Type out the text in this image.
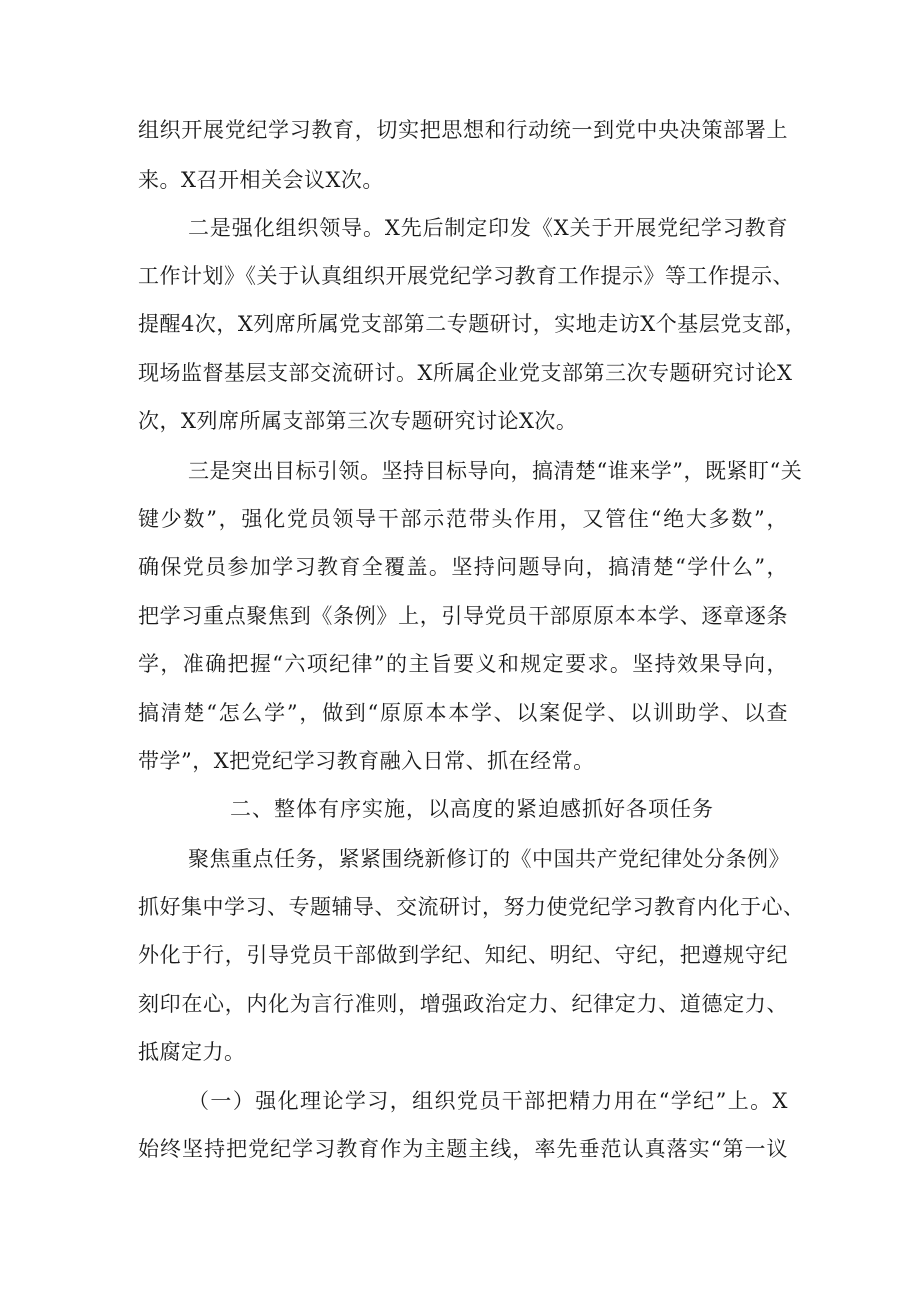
组织开展党纪学习教育，切实把思想和行动统一到党中央决策部署上
来。X召开相关会议X次。
二是强化组织领导。X先后制定印发《X关于开展党纪学习教育
工作计划》《关于认真组织开展党纪学习教育工作提示》等工作提示、
提醒4次，X列席所属党支部第二专题研讨，实地走访X个基层党支部，
现场监督基层支部交流研讨。X所属企业党支部第三次专题研究讨论X
次，X列席所属支部第三次专题研究讨论X次。
三是突出目标引领。坚持目标导向，搞清楚“谁来学”，既紧盯“关
键少数”，强化党员领导干部示范带头作用，又管住“绝大多数”，
确保党员参加学习教育全覆盖。坚持问题导向，搞清楚“学什么”，
把学习重点聚焦到《条例》上，引导党员干部原原本本学、逐章逐条
学，准确把握“六项纪律”的主旨要义和规定要求。坚持效果导向，
搞清楚“怎么学”，做到“原原本本学、以案促学、以训助学、以查
带学”，X把党纪学习教育融入日常、抓在经常。
二、整体有序实施，以高度的紧迫感抓好各项任务
聚焦重点任务，紧紧围绕新修订的《中国共产党纪律处分条例》
抓好集中学习、专题辅导、交流研讨，努力使党纪学习教育内化于心、
外化于行，引导党员干部做到学纪、知纪、明纪、守纪，把遵规守纪
刻印在心，内化为言行准则，增强政治定力、纪律定力、道德定力、
抵腐定力。
（一）强化理论学习，组织党员干部把精力用在“学纪”上。X
始终坚持把党纪学习教育作为主题主线，率先垂范认真落实“第一议
